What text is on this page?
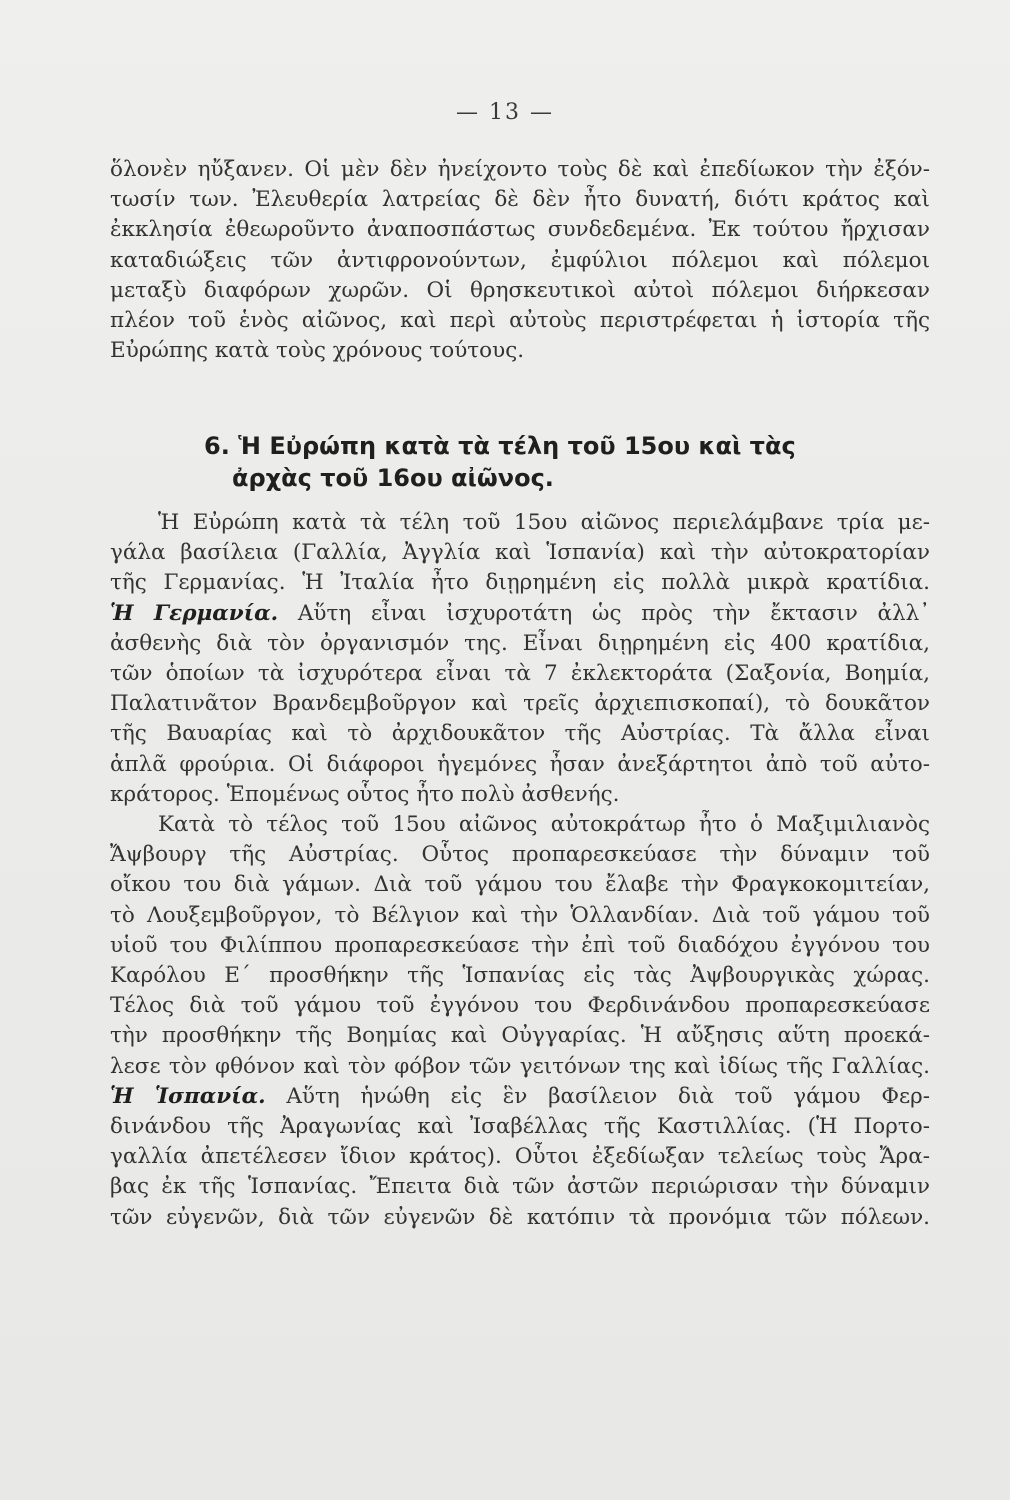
— 13 —
ὅλονὲν ηὔξανεν. Οἱ μὲν δὲν ἠνείχοντο τοὺς δὲ καὶ ἐπεδίωκον τὴν ἐξόν-
τωσίν των. Ἐλευθερία λατρείας δὲ δὲν ἦτο δυνατή, διότι κράτος καὶ
ἐκκλησία ἐθεωροῦντο ἀναποσπάστως συνδεδεμένα. Ἐκ τούτου ἤρχισαν
καταδιώξεις τῶν ἀντιφρονούντων, ἐμφύλιοι πόλεμοι καὶ πόλεμοι
μεταξὺ διαφόρων χωρῶν. Οἱ θρησκευτικοὶ αὐτοὶ πόλεμοι διήρκεσαν
πλέον τοῦ ἑνὸς αἰῶνος, καὶ περὶ αὐτοὺς περιστρέφεται ἡ ἱστορία τῆς
Εὐρώπης κατὰ τοὺς χρόνους τούτους.
6. Ἡ Εὐρώπη κατὰ τὰ τέλη τοῦ 15ου καὶ τὰς
ἀρχὰς τοῦ 16ου αἰῶνος.
Ἡ Εὐρώπη κατὰ τὰ τέλη τοῦ 15ου αἰῶνος περιελάμβανε τρία με-
γάλα βασίλεια (Γαλλία, Ἀγγλία καὶ Ἱσπανία) καὶ τὴν αὐτοκρατορίαν
τῆς Γερμανίας. Ἡ Ἰταλία ἦτο διῃρημένη εἰς πολλὰ μικρὰ κρατίδια.
Ἡ Γερμανία. Αὕτη εἶναι ἰσχυροτάτη ὡς πρὸς τὴν ἔκτασιν ἀλλ᾽
ἀσθενὴς διὰ τὸν ὀργανισμόν της. Εἶναι διῃρημένη εἰς 400 κρατίδια,
τῶν ὁποίων τὰ ἰσχυρότερα εἶναι τὰ 7 ἐκλεκτοράτα (Σαξονία, Βοημία,
Παλατινᾶτον Βρανδεμβοῦργον καὶ τρεῖς ἀρχιεπισκοπαί), τὸ δουκᾶτον
τῆς Βαυαρίας καὶ τὸ ἀρχιδουκᾶτον τῆς Αὐστρίας. Τὰ ἄλλα εἶναι
ἁπλᾶ φρούρια. Οἱ διάφοροι ἡγεμόνες ἦσαν ἀνεξάρτητοι ἀπὸ τοῦ αὐτο-
κράτορος. Ἑπομένως οὗτος ἦτο πολὺ ἀσθενής.
Κατὰ τὸ τέλος τοῦ 15ου αἰῶνος αὐτοκράτωρ ἦτο ὁ Μαξιμιλιανὸς
Ἄψβουργ τῆς Αὐστρίας. Οὗτος προπαρεσκεύασε τὴν δύναμιν τοῦ
οἴκου του διὰ γάμων. Διὰ τοῦ γάμου του ἔλαβε τὴν Φραγκοκομιτείαν,
τὸ Λουξεμβοῦργον, τὸ Βέλγιον καὶ τὴν Ὁλλανδίαν. Διὰ τοῦ γάμου τοῦ
υἱοῦ του Φιλίππου προπαρεσκεύασε τὴν ἐπὶ τοῦ διαδόχου ἐγγόνου του
Καρόλου Ε΄ προσθήκην τῆς Ἱσπανίας εἰς τὰς Ἀψβουργικὰς χώρας.
Τέλος διὰ τοῦ γάμου τοῦ ἐγγόνου του Φερδινάνδου προπαρεσκεύασε
τὴν προσθήκην τῆς Βοημίας καὶ Οὐγγαρίας. Ἡ αὔξησις αὕτη προεκά-
λεσε τὸν φθόνον καὶ τὸν φόβον τῶν γειτόνων της καὶ ἰδίως τῆς Γαλλίας.
Ἡ Ἱσπανία. Αὕτη ἡνώθη εἰς ἓν βασίλειον διὰ τοῦ γάμου Φερ-
δινάνδου τῆς Ἀραγωνίας καὶ Ἰσαβέλλας τῆς Καστιλλίας. (Ἡ Πορτο-
γαλλία ἀπετέλεσεν ἴδιον κράτος). Οὗτοι ἐξεδίωξαν τελείως τοὺς Ἄρα-
βας ἐκ τῆς Ἱσπανίας. Ἔπειτα διὰ τῶν ἀστῶν περιώρισαν τὴν δύναμιν
τῶν εὐγενῶν, διὰ τῶν εὐγενῶν δὲ κατόπιν τὰ προνόμια τῶν πόλεων.
